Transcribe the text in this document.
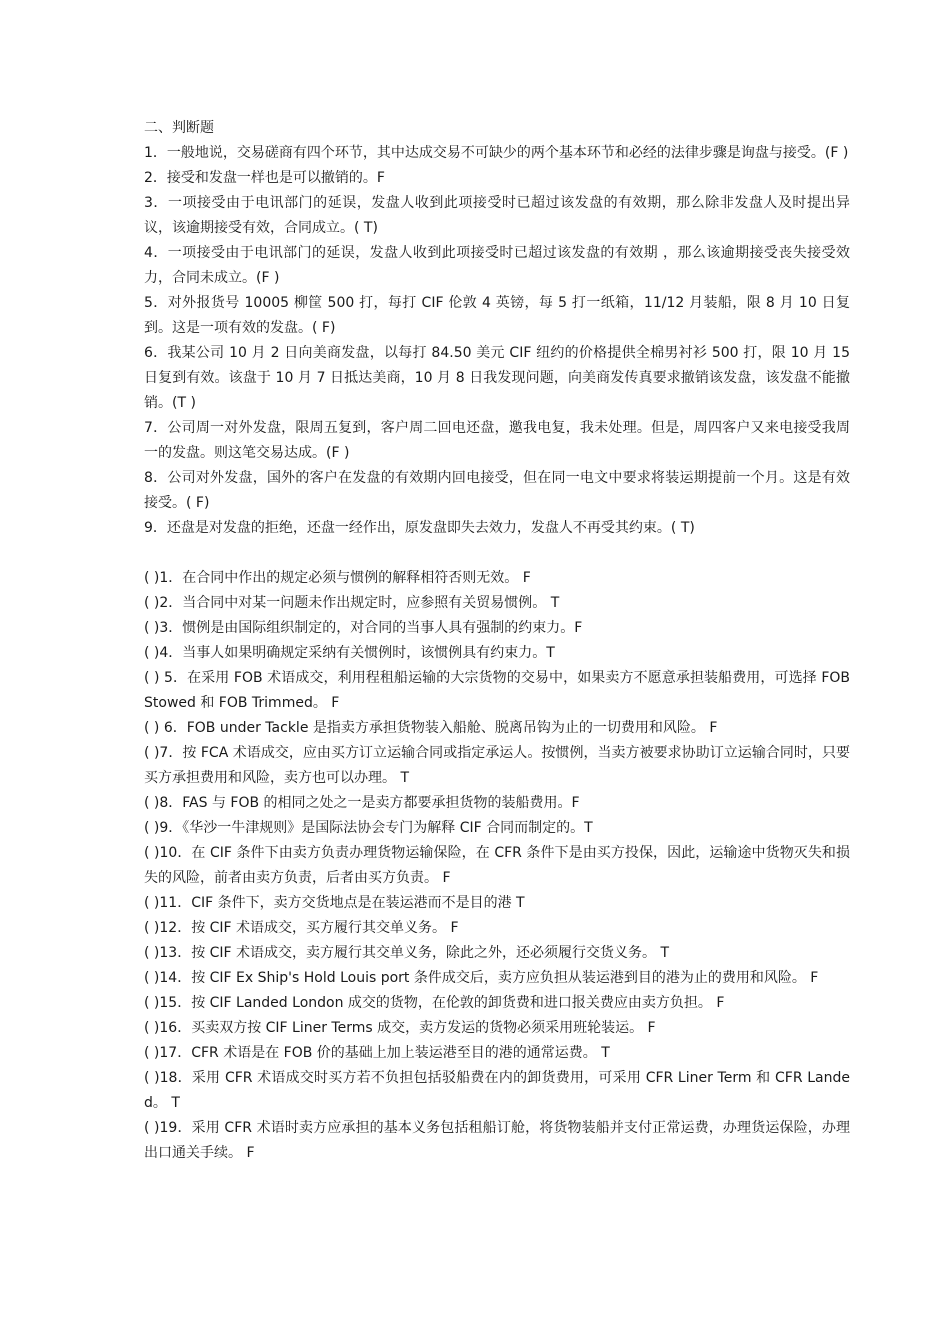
二、判断题
1．一般地说，交易磋商有四个环节，其中达成交易不可缺少的两个基本环节和必经的法律步骤是询盘与接受。(F )
2．接受和发盘一样也是可以撤销的。F
3．一项接受由于电讯部门的延误，发盘人收到此项接受时已超过该发盘的有效期，那么除非发盘人及时提出异议，该逾期接受有效，合同成立。( T)
4．一项接受由于电讯部门的延误，发盘人收到此项接受时已超过该发盘的有效期 ，那么该逾期接受丧失接受效力，合同未成立。(F )
5．对外报货号 10005 柳筐 500 打，每打 CIF 伦敦 4 英镑，每 5 打一纸箱，11/12 月装船，限 8 月 10 日复到。这是一项有效的发盘。( F)
6．我某公司 10 月 2 日向美商发盘，以每打 84.50 美元 CIF 纽约的价格提供全棉男衬衫 500 打，限 10 月 15 日复到有效。该盘于 10 月 7 日抵达美商，10 月 8 日我发现问题，向美商发传真要求撤销该发盘，该发盘不能撤销。(T )
7．公司周一对外发盘，限周五复到，客户周二回电还盘，邀我电复，我未处理。但是，周四客户又来电接受我周一的发盘。则这笔交易达成。(F )
8．公司对外发盘，国外的客户在发盘的有效期内回电接受，但在同一电文中要求将装运期提前一个月。这是有效接受。( F)
9．还盘是对发盘的拒绝，还盘一经作出，原发盘即失去效力，发盘人不再受其约束。( T)
( )1．在合同中作出的规定必须与惯例的解释相符否则无效。 F
( )2．当合同中对某一问题未作出规定时，应参照有关贸易惯例。 T
( )3．惯例是由国际组织制定的，对合同的当事人具有强制的约束力。F
( )4．当事人如果明确规定采纳有关惯例时，该惯例具有约束力。T
( ) 5．在采用 FOB 术语成交，利用程租船运输的大宗货物的交易中，如果卖方不愿意承担装船费用，可选择 FOB Stowed 和 FOB Trimmed。 F
( ) 6．FOB under Tackle 是指卖方承担货物装入船舱、脱离吊钩为止的一切费用和风险。 F
( )7．按 FCA 术语成交，应由买方订立运输合同或指定承运人。按惯例，当卖方被要求协助订立运输合同时，只要买方承担费用和风险，卖方也可以办理。 T
( )8．FAS 与 FOB 的相同之处之一是卖方都要承担货物的装船费用。F
( )9．《华沙一牛津规则》是国际法协会专门为解释 CIF 合同而制定的。T
( )10．在 CIF 条件下由卖方负责办理货物运输保险，在 CFR 条件下是由买方投保，因此，运输途中货物灭失和损失的风险，前者由卖方负责，后者由买方负责。 F
( )11．CIF 条件下，卖方交货地点是在装运港而不是目的港 T
( )12．按 CIF 术语成交，买方履行其交单义务。 F
( )13．按 CIF 术语成交，卖方履行其交单义务，除此之外，还必须履行交货义务。 T
( )14．按 CIF Ex Ship's Hold Louis port 条件成交后，卖方应负担从装运港到目的港为止的费用和风险。 F
( )15．按 CIF Landed London 成交的货物，在伦敦的卸货费和进口报关费应由卖方负担。 F
( )16．买卖双方按 CIF Liner Terms 成交，卖方发运的货物必须采用班轮装运。 F
( )17．CFR 术语是在 FOB 价的基础上加上装运港至目的港的通常运费。 T
( )18．采用 CFR 术语成交时买方若不负担包括驳船费在内的卸货费用，可采用 CFR Liner Term 和 CFR Landed。 T
( )19．采用 CFR 术语时卖方应承担的基本义务包括租船订舱，将货物装船并支付正常运费，办理货运保险，办理出口通关手续。 F
